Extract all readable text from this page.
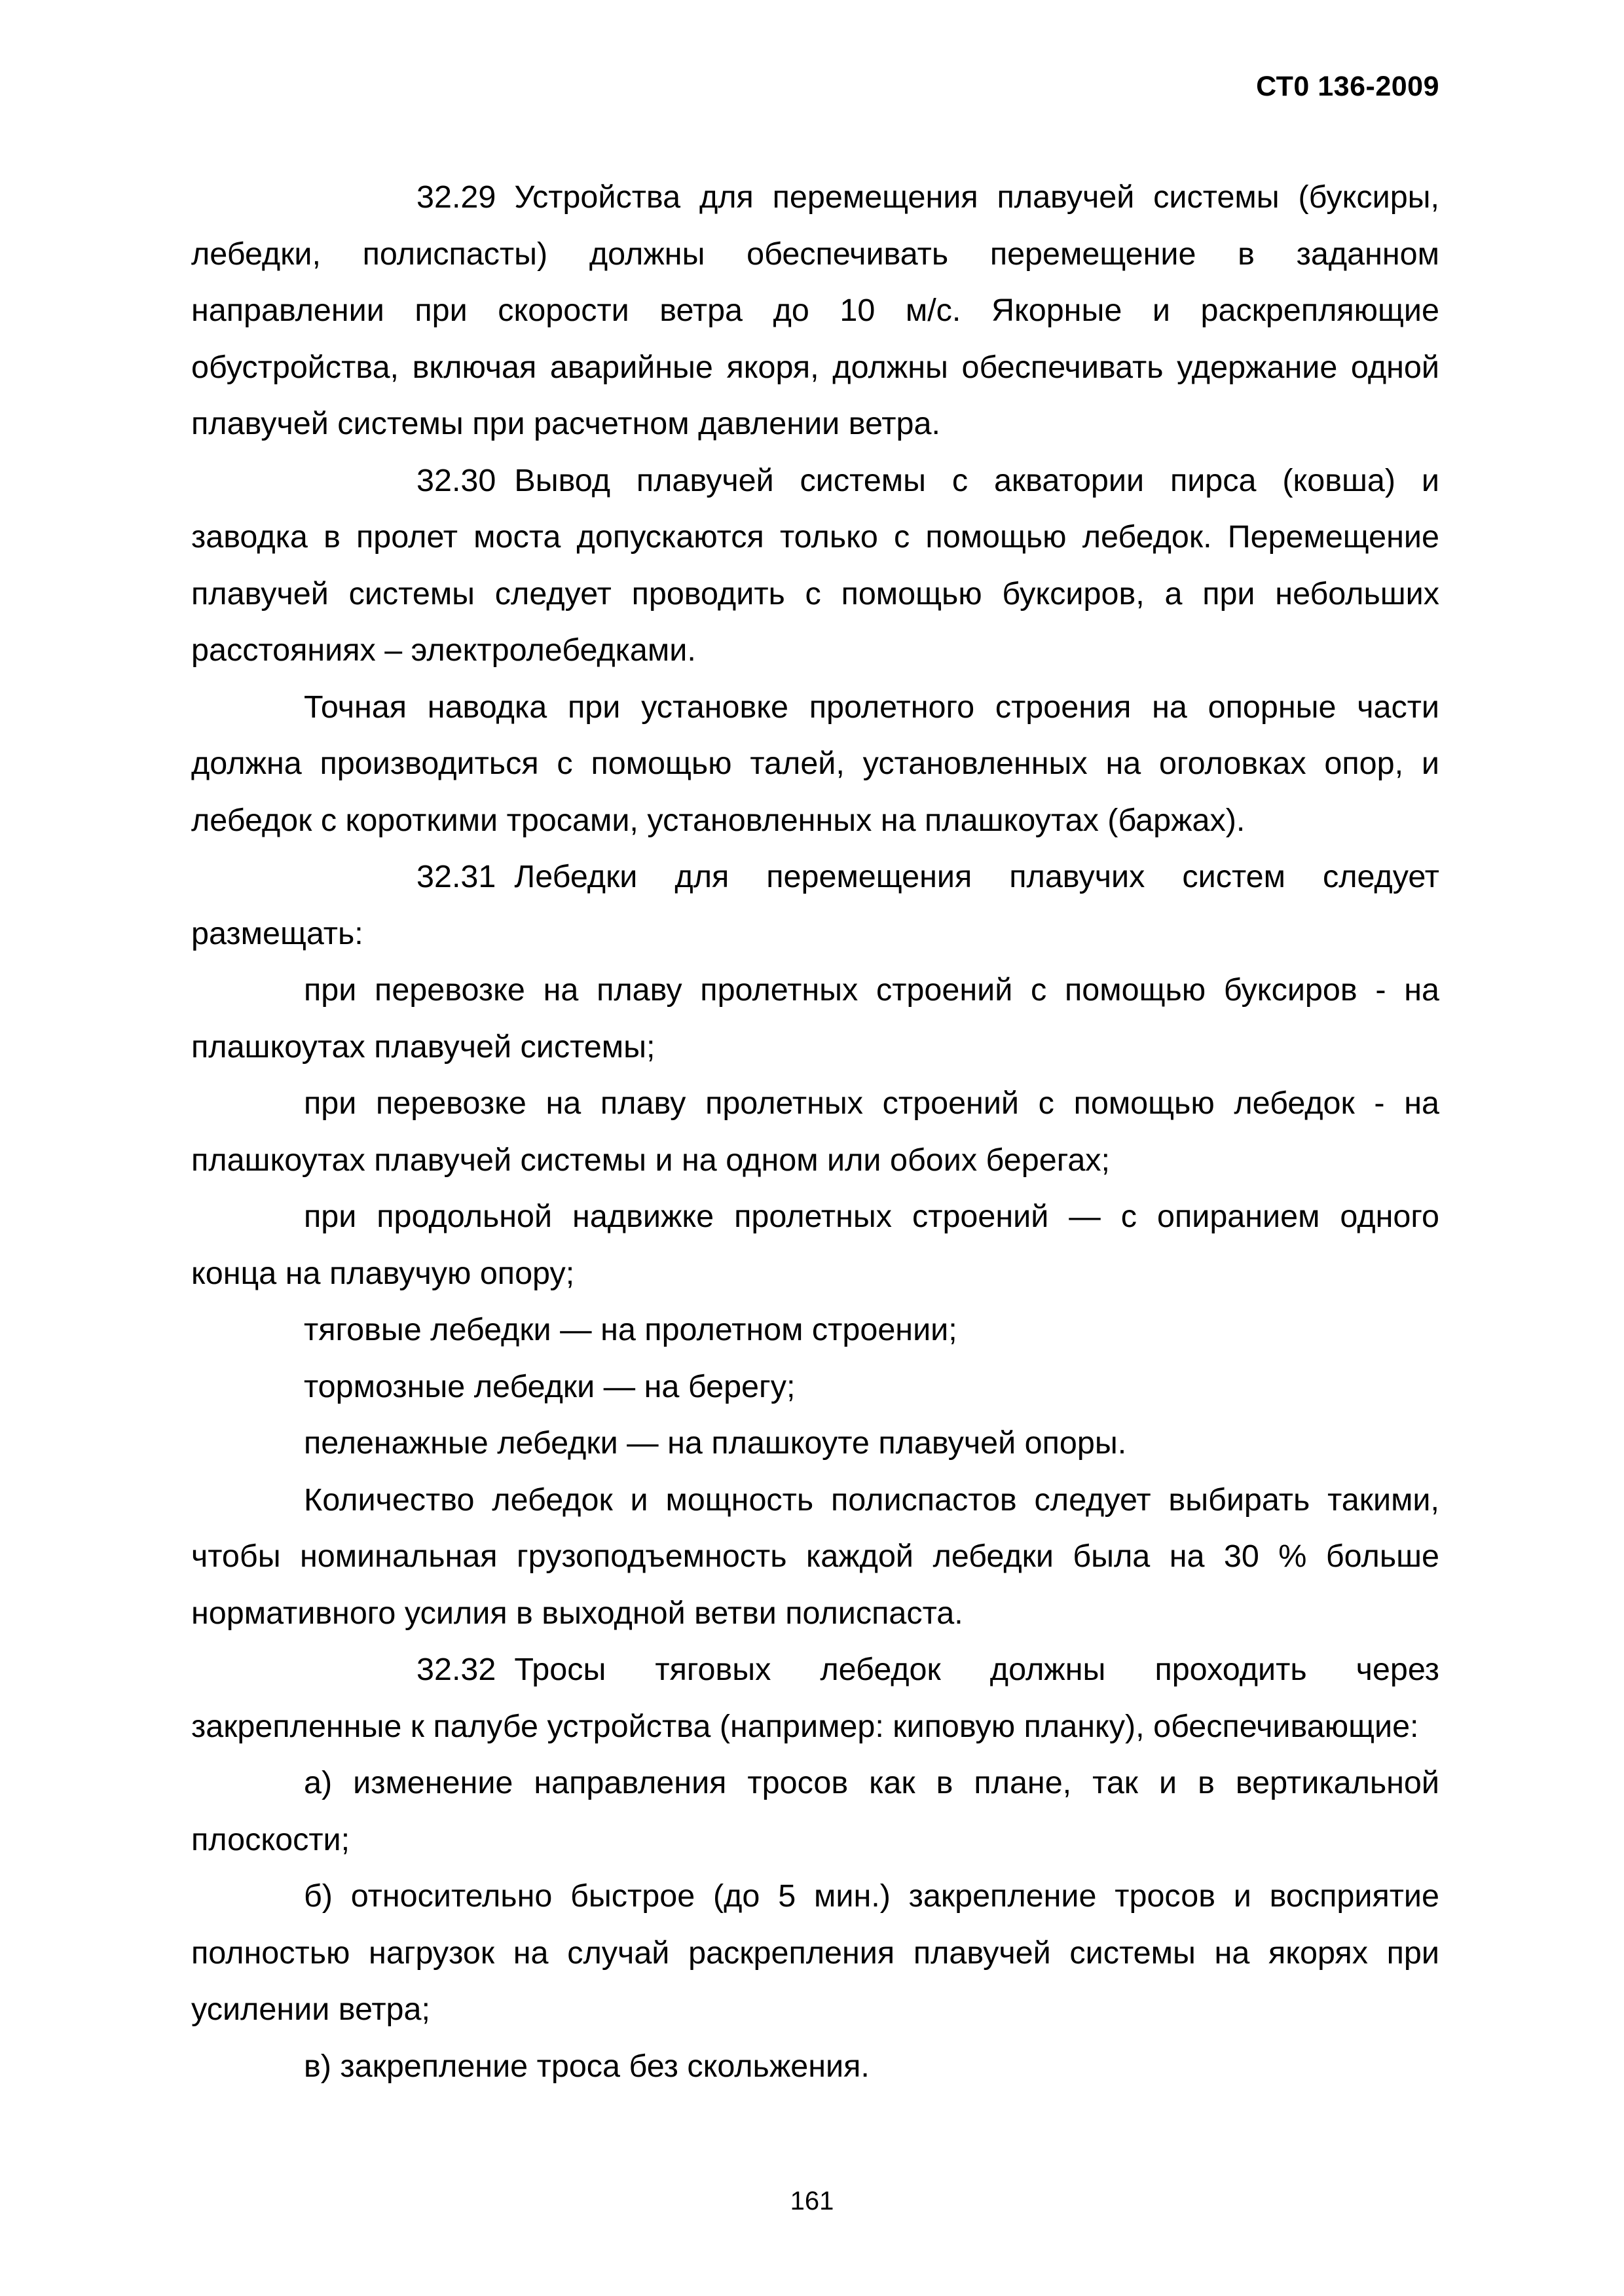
СТ0 136-2009

32.29 Устройства для перемещения плавучей системы (буксиры, лебедки, полиспасты) должны обеспечивать перемещение в заданном направлении при скорости ветра до 10 м/с. Якорные и раскрепляющие обустройства, включая аварийные якоря, должны обеспечивать удержание одной плавучей системы при расчетном давлении ветра.

32.30 Вывод плавучей системы с акватории пирса (ковша) и заводка в пролет моста допускаются только с помощью лебедок. Перемещение плавучей системы следует проводить с помощью буксиров, а при небольших расстояниях – электролебедками.

Точная наводка при установке пролетного строения на опорные части должна производиться с помощью талей, установленных на оголовках опор, и лебедок с короткими тросами, установленных на плашкоутах (баржах).

32.31 Лебедки для перемещения плавучих систем следует размещать:

при перевозке на плаву пролетных строений с помощью буксиров - на плашкоутах плавучей системы;

при перевозке на плаву пролетных строений с помощью лебедок - на плашкоутах плавучей системы и на одном или обоих берегах;

при продольной надвижке пролетных строений — с опиранием одного конца на плавучую опору;

тяговые лебедки — на пролетном строении;

тормозные лебедки — на берегу;

пеленажные лебедки — на плашкоуте плавучей опоры.

Количество лебедок и мощность полиспастов следует выбирать такими, чтобы номинальная грузоподъемность каждой лебедки была на 30 % больше нормативного усилия в выходной ветви полиспаста.

32.32 Тросы тяговых лебедок должны проходить через закрепленные к палубе устройства (например: киповую планку), обеспечивающие:

а) изменение направления тросов как в плане, так и в вертикальной плоскости;

б) относительно быстрое (до 5 мин.) закрепление тросов и восприятие полностью нагрузок на случай раскрепления плавучей системы на якорях при усилении ветра;

в) закрепление троса без скольжения.

161
